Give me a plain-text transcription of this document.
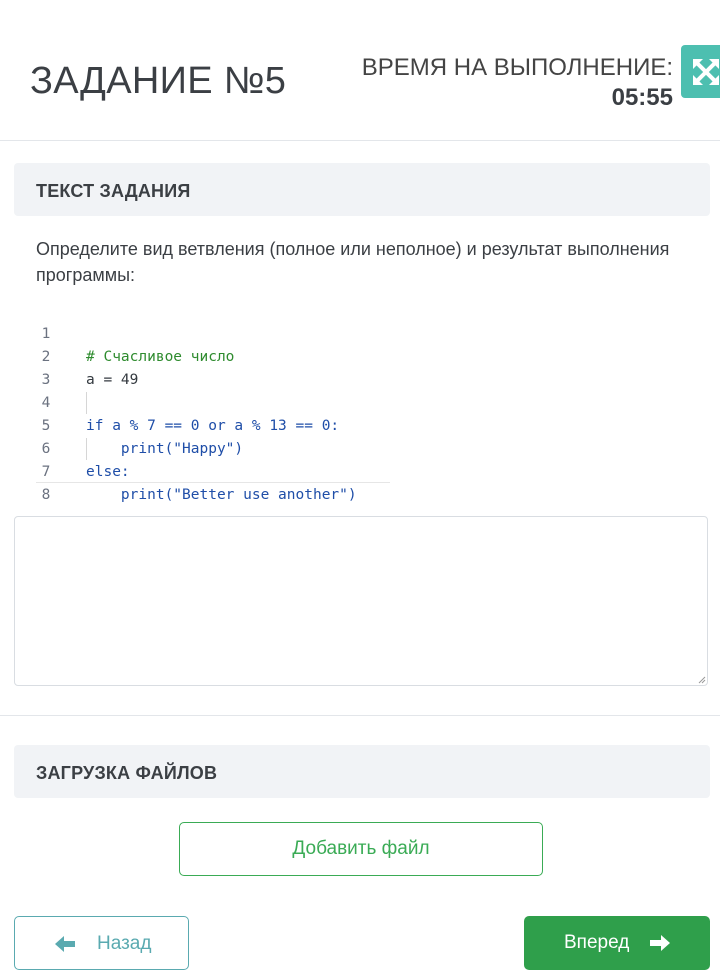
ЗАДАНИЕ №5	ВРЕМЯ НА ВЫПОЛНЕНИЕ:
05:55
ТЕКСТ ЗАДАНИЯ
Определите вид ветвления (полное или неполное) и результат выполнения программы:

1

# Счасливое число

2

a = 49

3

4

if a % 7 == 0 or a % 13 == 0:

5

print("Happy")

6

else:

7

print("Better use another")

8

ЗАГРУЗКА ФАЙЛОВ
Добавить файл
Назад	Вперед
